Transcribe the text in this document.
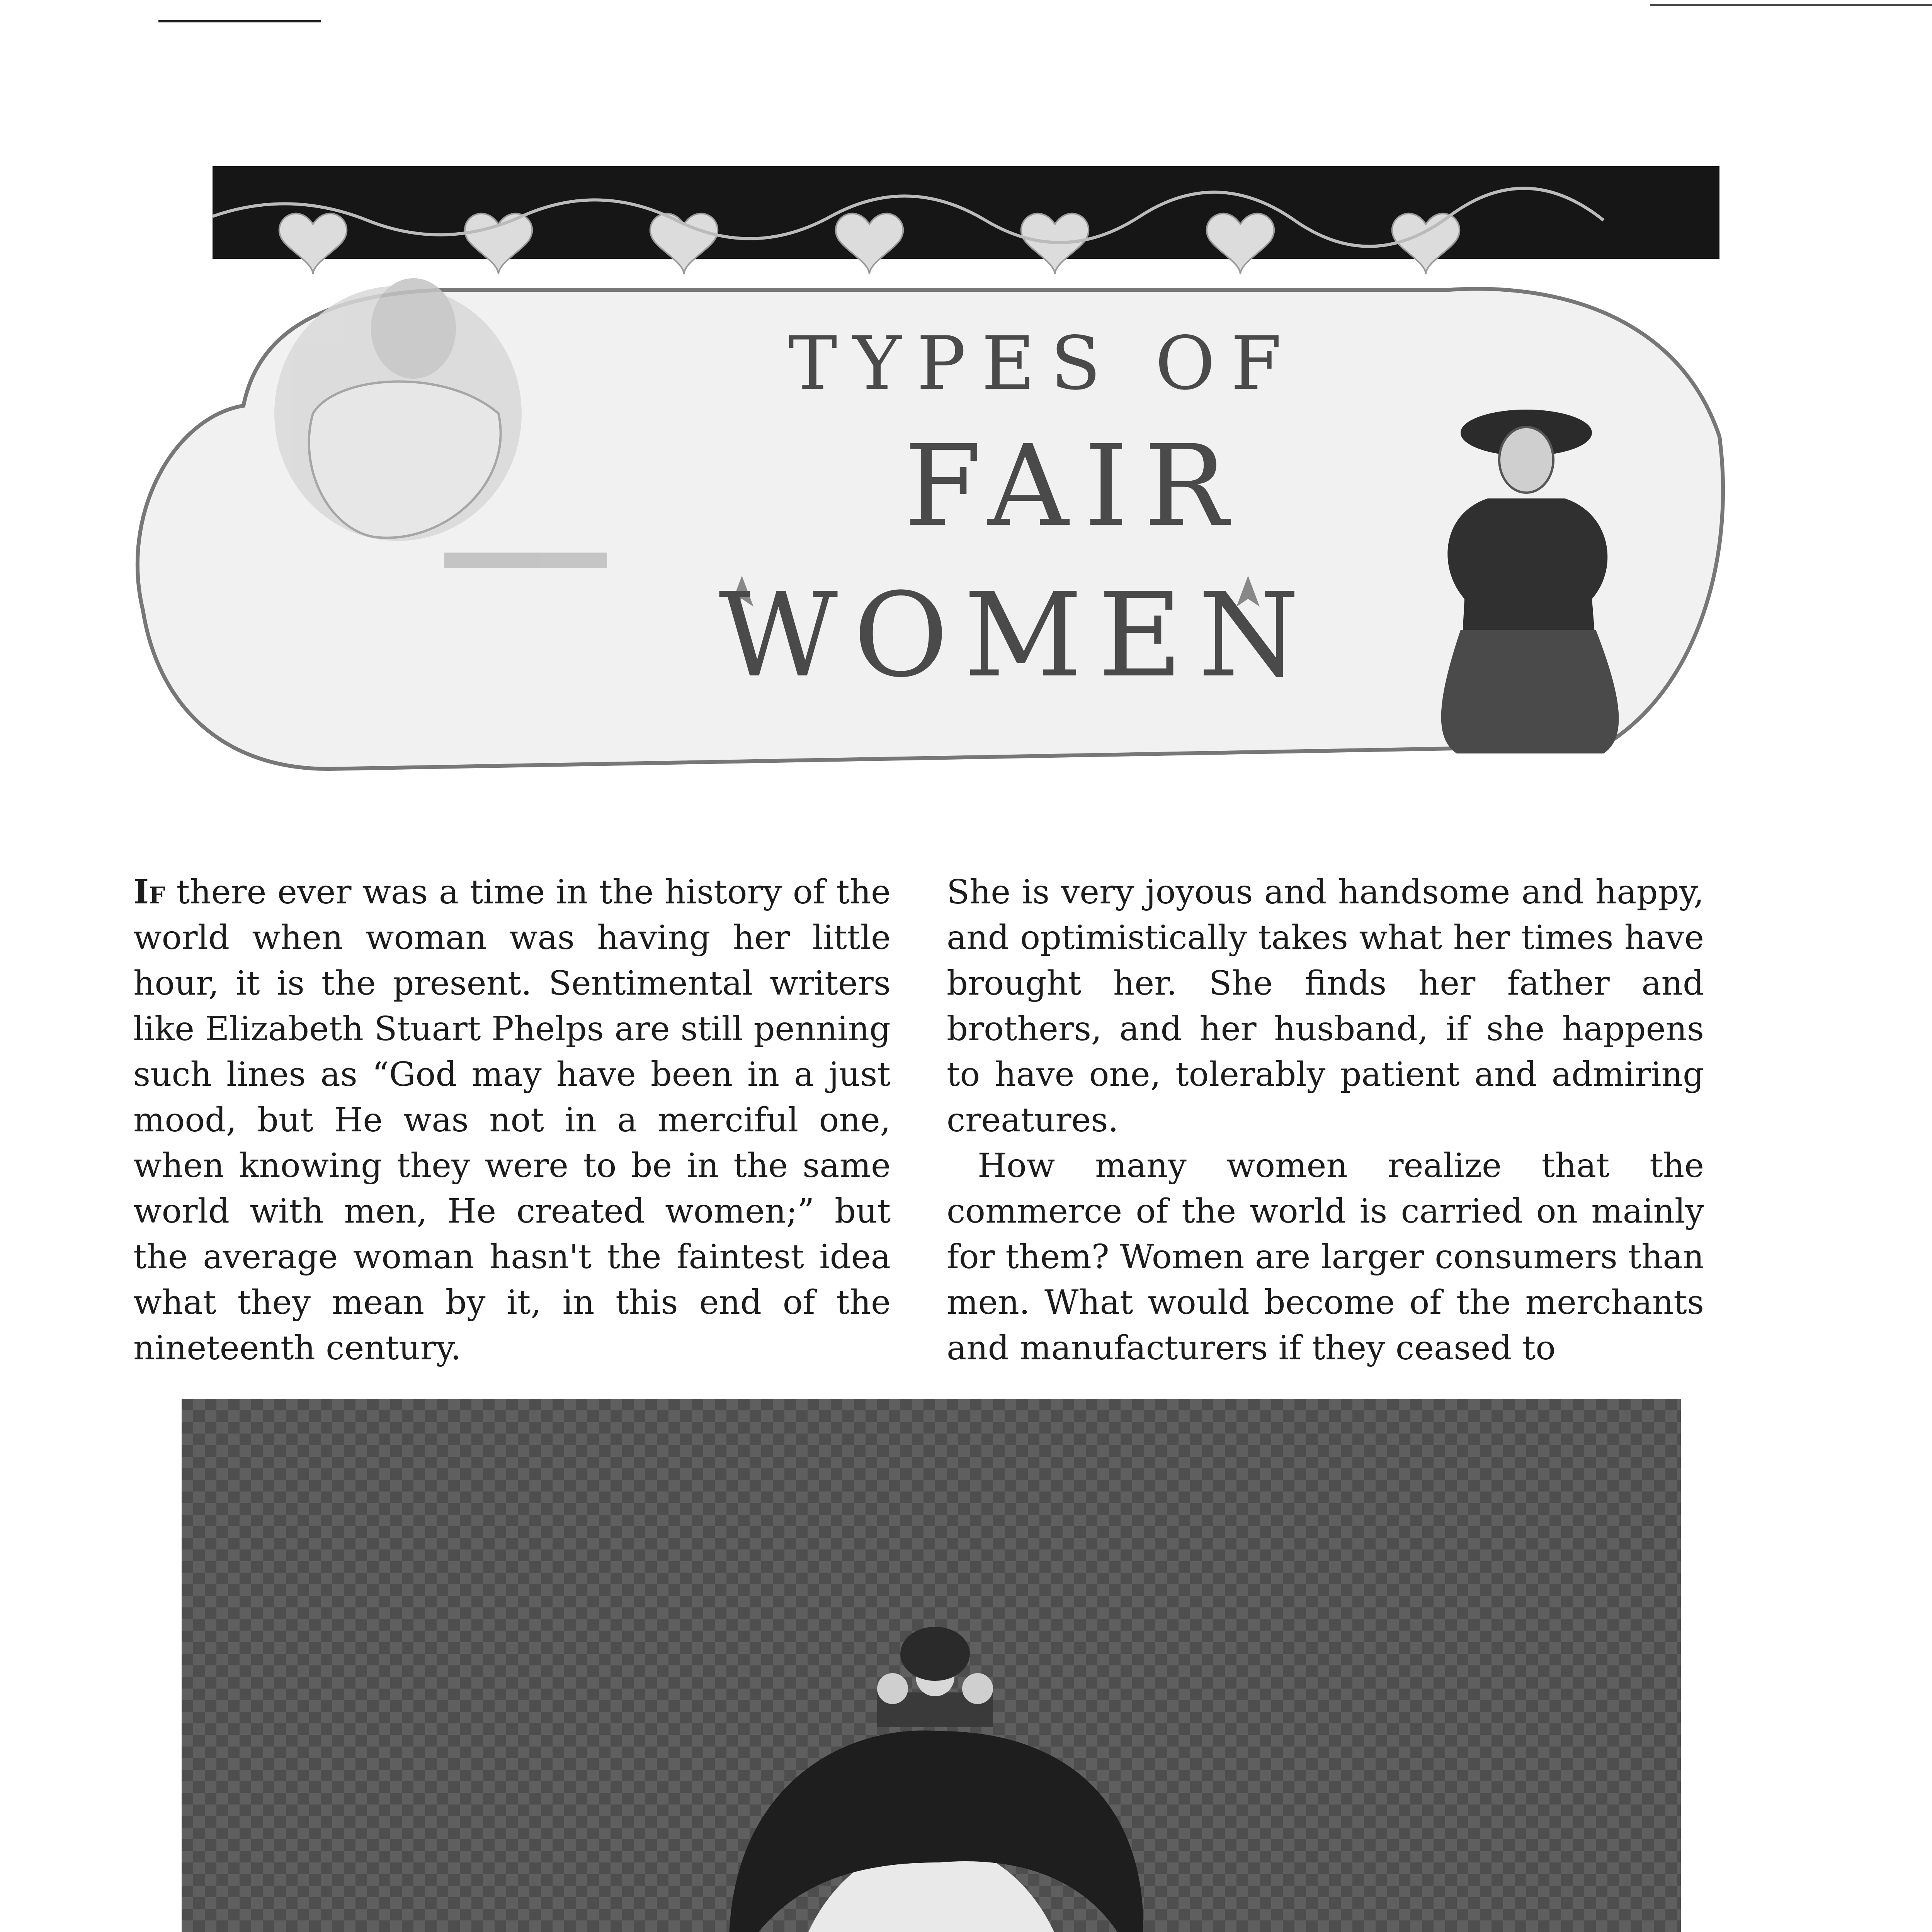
TYPES OF
FAIR
WOMEN

If there ever was a time in the history of the world when woman was having her little hour, it is the present. Sentimental writers like Elizabeth Stuart Phelps are still penning such lines as “God may have been in a just mood, but He was not in a merciful one, when knowing they were to be in the same world with men, He created women;” but the average woman hasn't the faintest idea what they mean by it, in this end of the nineteenth century.

She is very joyous and handsome and happy, and optimistically takes what her times have brought her. She finds her father and brothers, and her husband, if she happens to have one, tolerably patient and admiring creatures.

How many women realize that the commerce of the world is carried on mainly for them? Women are larger consumers than men. What would become of the merchants and manufacturers if they ceased to
